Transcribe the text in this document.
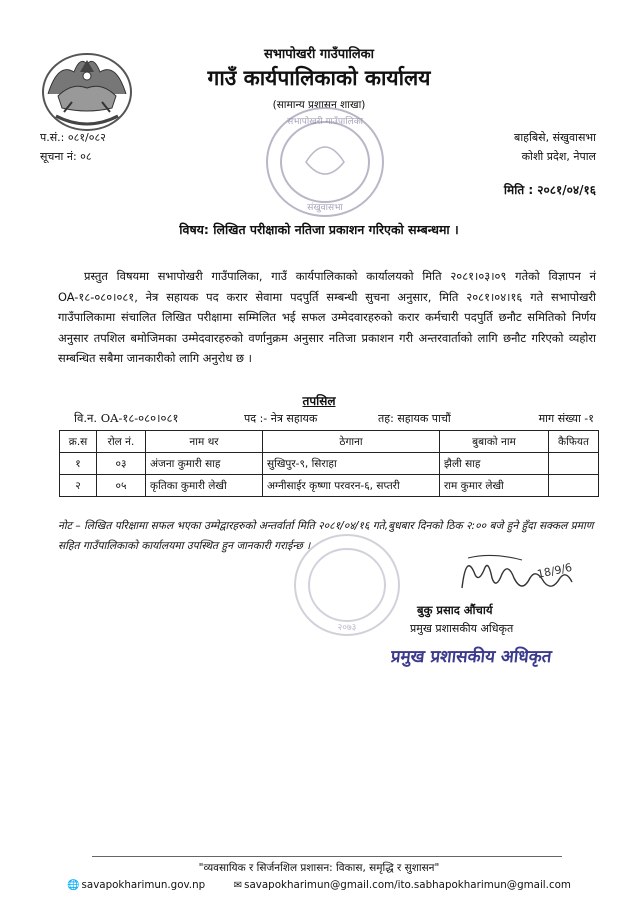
सभापोखरी गाउँपालिका
गाउँ कार्यपालिकाको कार्यालय
(सामान्य प्रशासन शाखा)
सभापोखरी गाउँपालिका
संखुवासभा
प.सं.: ०८१/०८२
सूचना नं: ०८
बाहबिसे, संखुवासभा
कोशी प्रदेश, नेपाल
मिति : २०८१/०४/१६
विषय: लिखित परीक्षाको नतिजा प्रकाशन गरिएको सम्बन्धमा ।
प्रस्तुत विषयमा सभापोखरी गाउँपालिका, गाउँ कार्यपालिकाको कार्यालयको मिति २०८१।०३।०९ गतेको विज्ञापन नं OA-१८-०८०।०८१, नेत्र सहायक पद करार सेवामा पदपुर्ति सम्बन्धी सुचना अनुसार, मिति २०८१।०४।१६ गते सभापोखरी गाउँपालिकामा संचालित लिखित परीक्षामा सम्मिलित भई सफल उम्मेदवारहरुको करार कर्मचारी पदपुर्ति छनौट समितिको निर्णय अनुसार तपशिल बमोजिमका उम्मेदवारहरुको वर्णानुक्रम अनुसार नतिजा प्रकाशन गरी अन्तरवार्ताको लागि छनौट गरिएको व्यहोरा सम्बन्धित सबैमा जानकारीको लागि अनुरोध छ ।
तपसिल
वि.न. OA-१८-०८०।०८१	पद :- नेत्र सहायक	तह: सहायक पाचौं	माग संख्या -१
क्र.स	रोल नं.	नाम थर	ठेगाना	बुबाको नाम	कैफियत
१	०३	अंजना कुमारी साह	सुखिपुर-९, सिराहा	झैली साह	
२	०५	कृतिका कुमारी लेखी	अग्नीसाईर कृष्णा परवरन-६, सप्तरी	राम कुमार लेखी	
नोट – लिखित परिक्षामा सफल भएका उम्मेद्वारहरुको अन्तर्वार्ता मिति २०८१/०४/१६ गते,बुधबार दिनको ठिक २:०० बजे हुने हुँदा सक्कल प्रमाण सहित गाउँपालिकाको कार्यालयमा उपस्थित हुन जानकारी गराईन्छ ।
२०७३
18/9/6
बुकु प्रसाद औंचार्य
प्रमुख प्रशासकीय अधिकृत
प्रमुख प्रशासकीय अधिकृत
"व्यवसायिक र सिर्जनशिल प्रशासन: विकास, समृद्धि र सुशासन"
🌐 savapokharimun.gov.np	✉ savapokharimun@gmail.com/ito.sabhapokharimun@gmail.com
